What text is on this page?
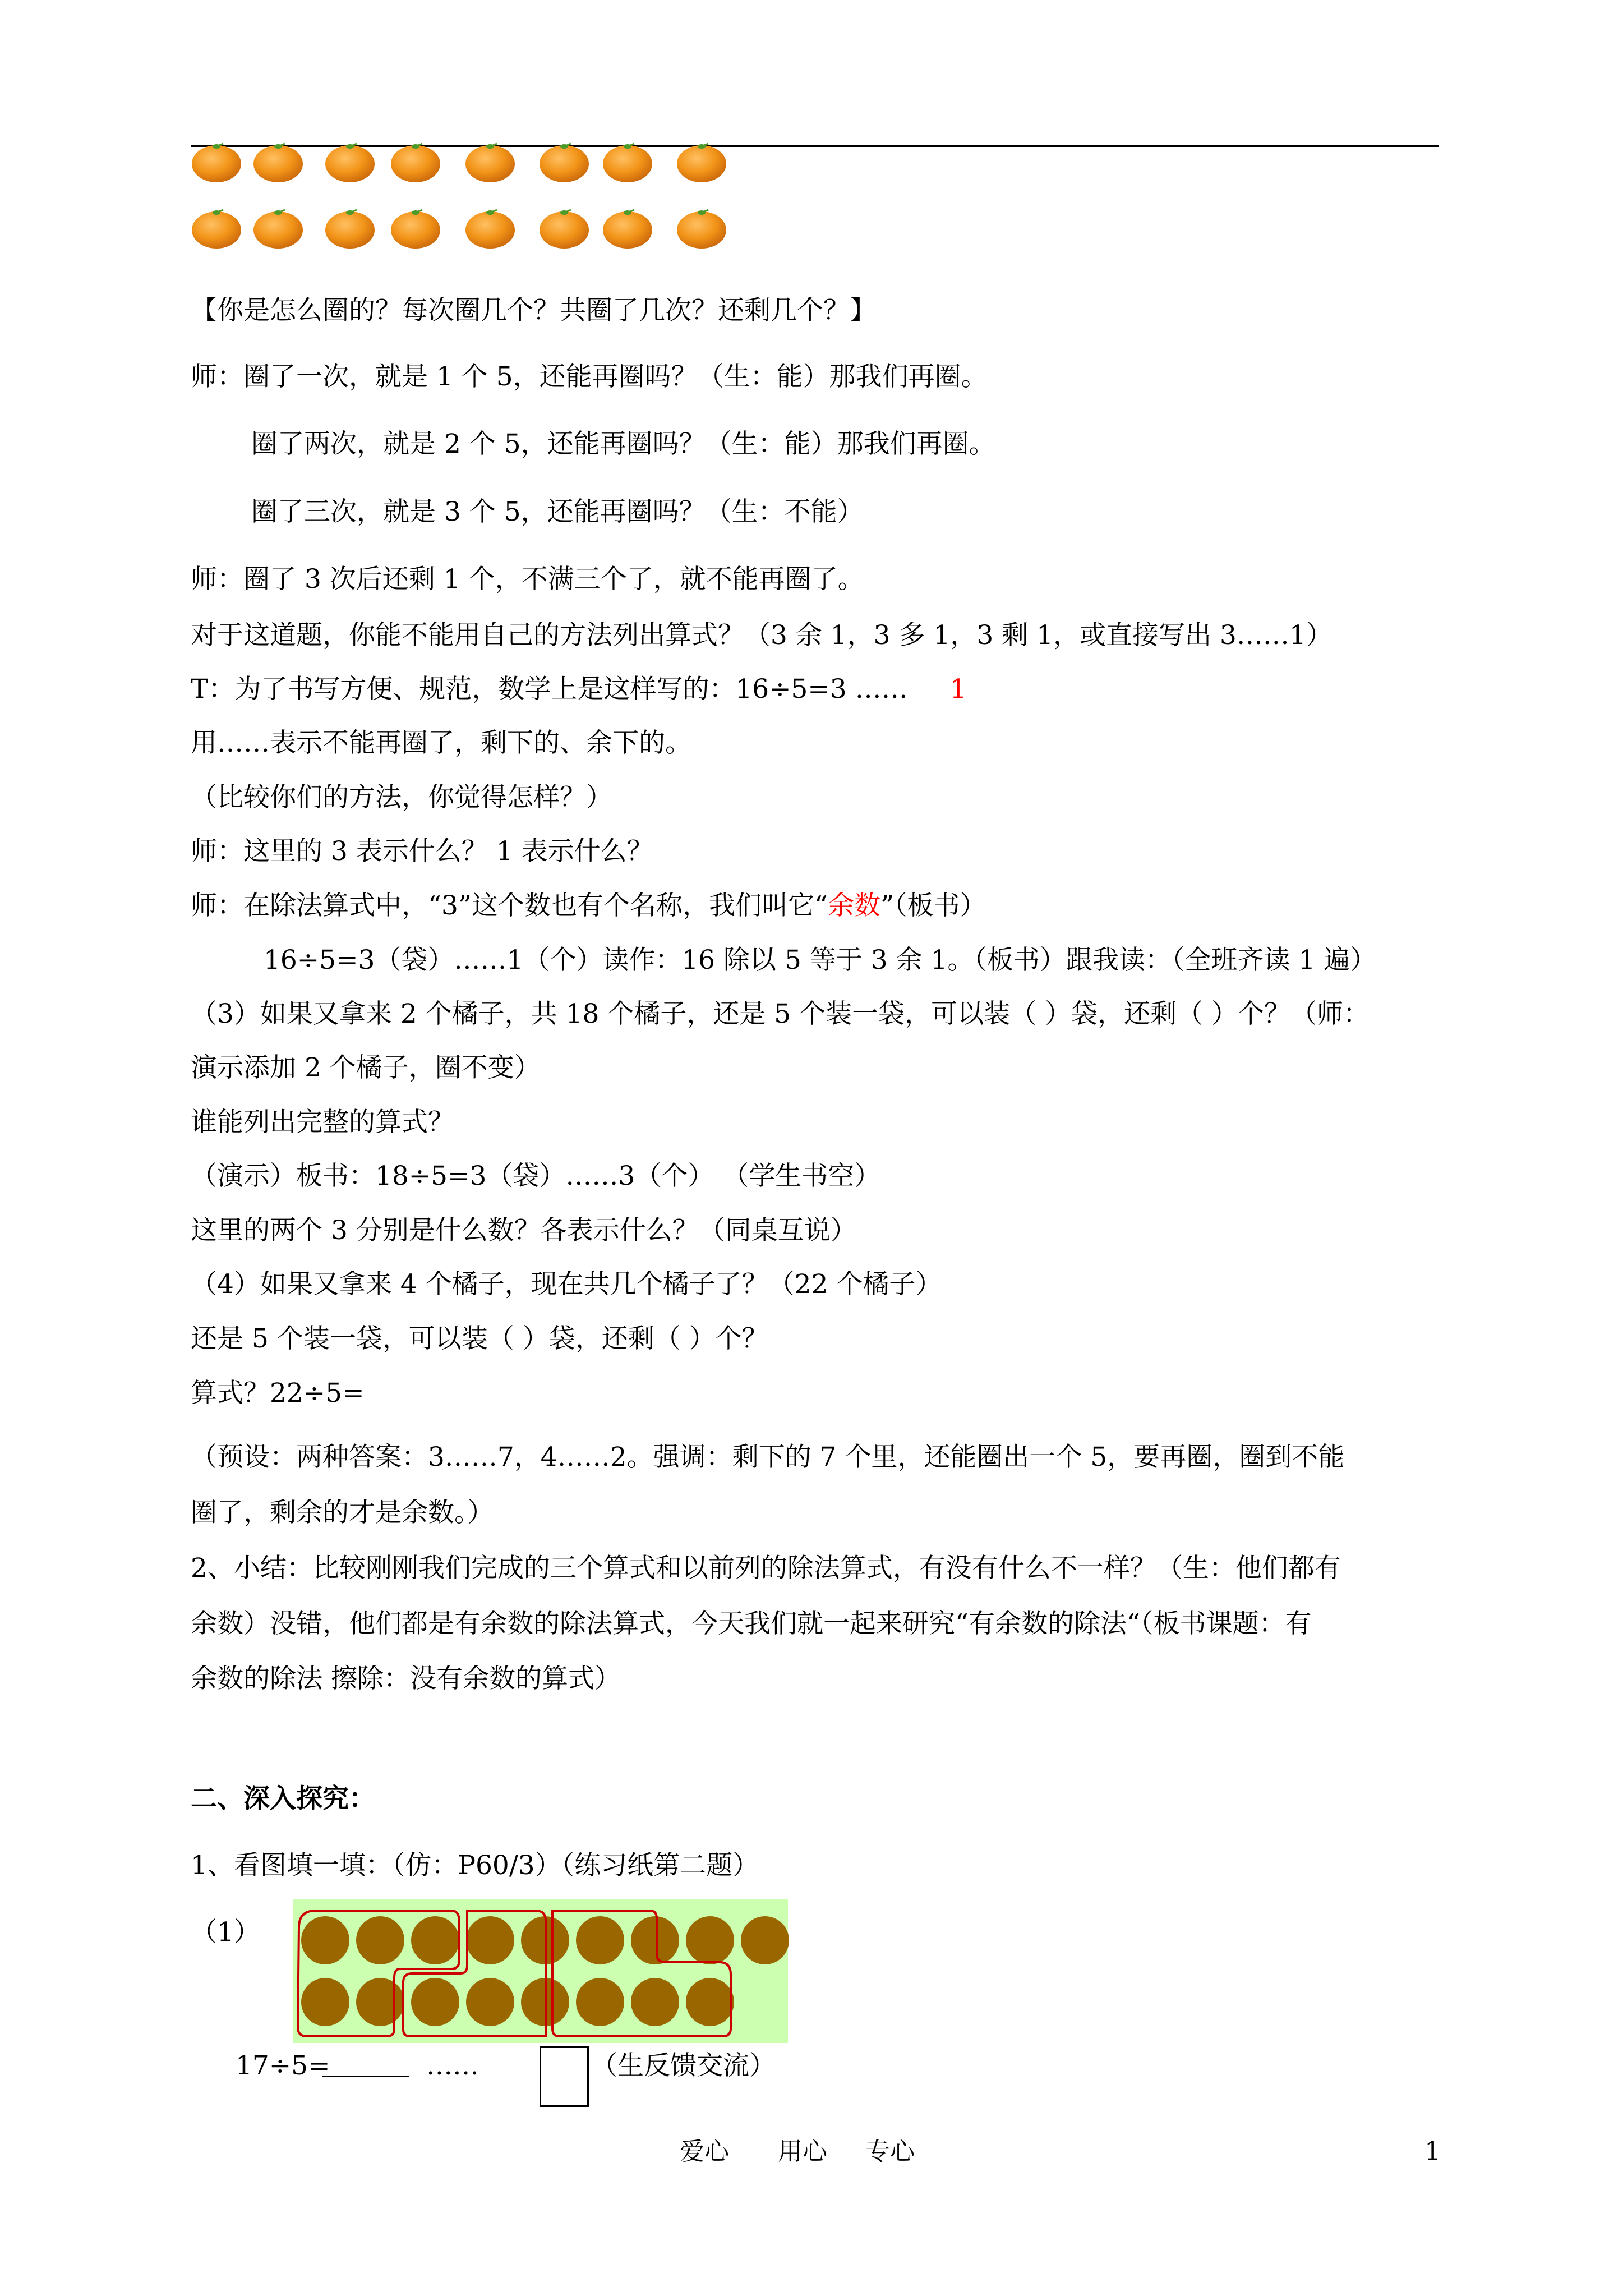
【你是怎么圈的？每次圈几个？共圈了几次？还剩几个？】
师：圈了一次，就是 1 个 5，还能再圈吗？（生：能）那我们再圈。
圈了两次，就是 2 个 5，还能再圈吗？（生：能）那我们再圈。
圈了三次，就是 3 个 5，还能再圈吗？（生：不能）
师：圈了 3 次后还剩 1 个，不满三个了，就不能再圈了。
对于这道题，你能不能用自己的方法列出算式？（3 余 1，3 多 1，3 剩 1，或直接写出 3……1）
T：为了书写方便、规范，数学上是这样写的：16÷5=3 …… 1
用……表示不能再圈了，剩下的、余下的。
（比较你们的方法，你觉得怎样？）
师：这里的 3 表示什么？ 1 表示什么？
师：在除法算式中，“3”这个数也有个名称，我们叫它“余数”（板书）
16÷5=3（袋）……1（个）读作：16 除以 5 等于 3 余 1。（板书）跟我读：（全班齐读 1 遍）
（3）如果又拿来 2 个橘子，共 18 个橘子，还是 5 个装一袋，可以装（ ）袋，还剩（ ）个？（师：
演示添加 2 个橘子，圈不变）
谁能列出完整的算式？
（演示）板书：18÷5=3（袋）……3（个） （学生书空）
这里的两个 3 分别是什么数？各表示什么？（同桌互说）
（4）如果又拿来 4 个橘子，现在共几个橘子了？（22 个橘子）
还是 5 个装一袋，可以装（ ）袋，还剩（ ）个？
算式？22÷5=
（预设：两种答案：3……7，4……2。强调：剩下的 7 个里，还能圈出一个 5，要再圈，圈到不能
圈了，剩余的才是余数。）
2、小结：比较刚刚我们完成的三个算式和以前列的除法算式，有没有什么不一样？（生：他们都有
余数）没错，他们都是有余数的除法算式，今天我们就一起来研究“有余数的除法“（板书课题：有
余数的除法 擦除：没有余数的算式）
二、深入探究：
1、看图填一填：（仿：P60/3）（练习纸第二题）
（1）
17÷5=	……	（生反馈交流）
爱心 用心 专心	1
